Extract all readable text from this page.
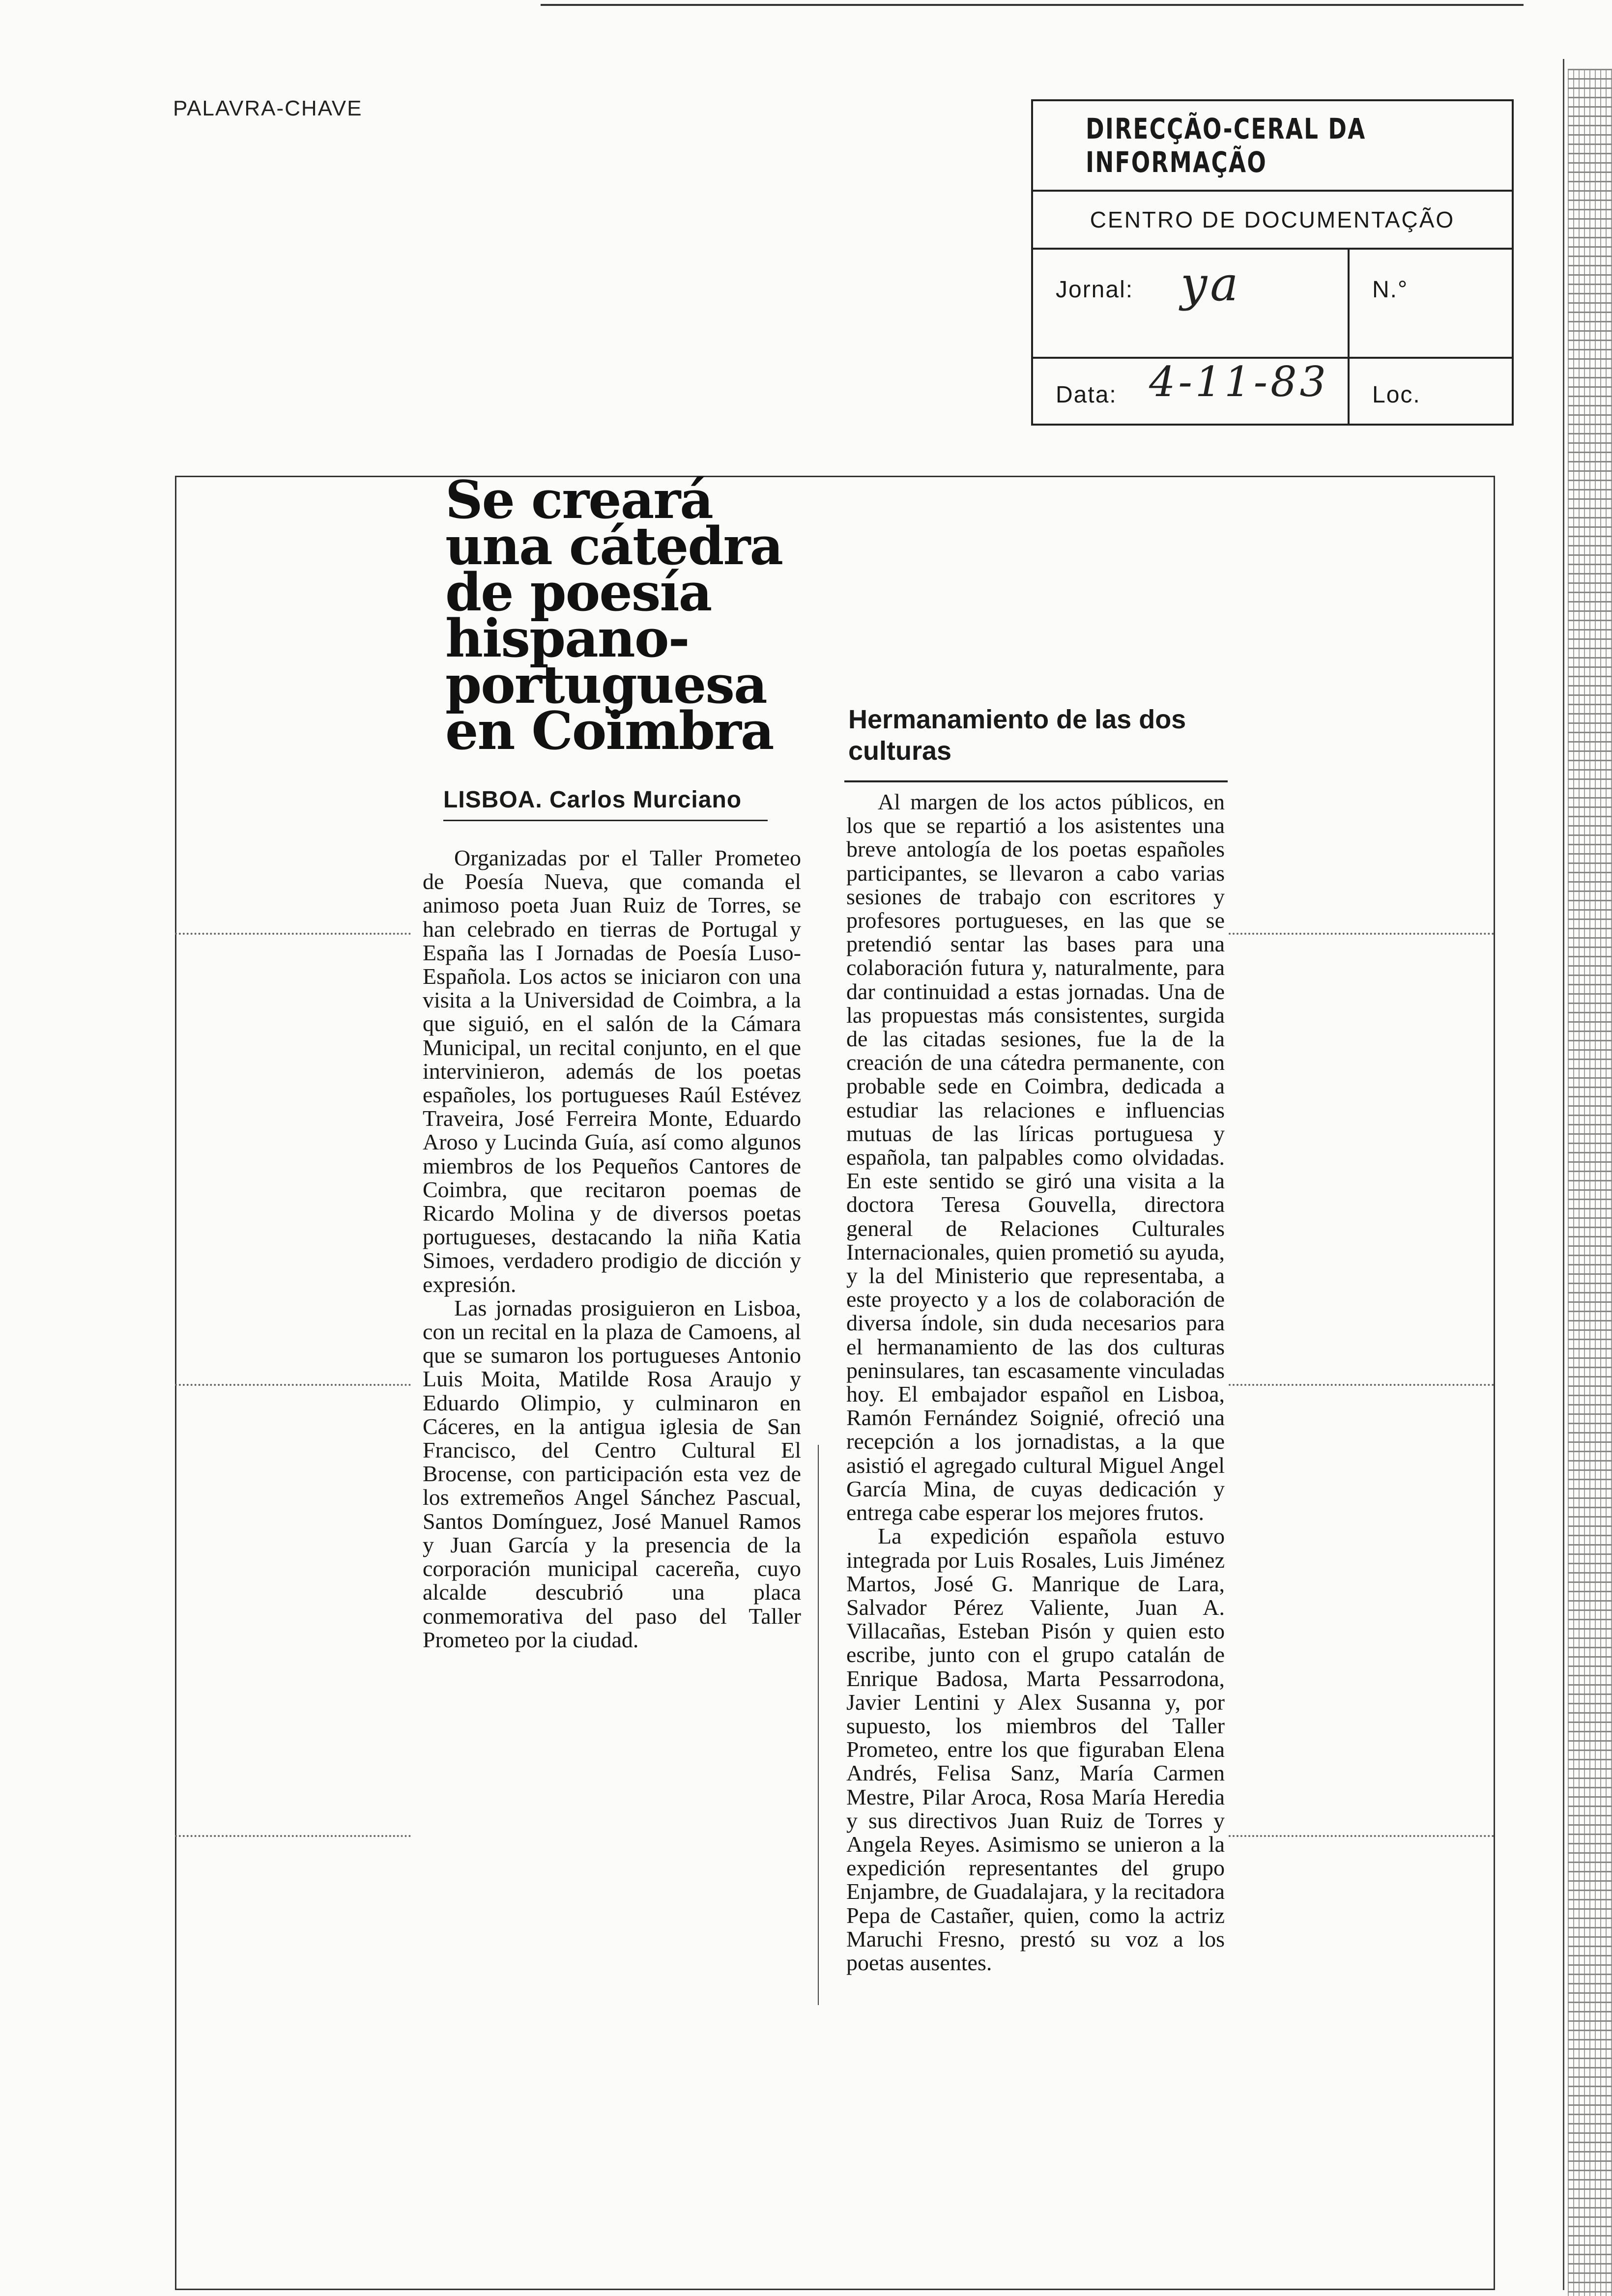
PALAVRA-CHAVE
DIRECÇÃO-CERAL DA INFORMAÇÃO
CENTRO DE DOCUMENTAÇÃO
Jornal: ya	N.°
Data: 4-11-83 Loc.
Se creará
una cátedra
de poesía
hispano-
portuguesa
en Coimbra
LISBOA. Carlos Murciano

Organizadas por el Taller Prometeo de Poesía Nueva, que comanda el animoso poeta Juan Ruiz de Torres, se han celebrado en tierras de Portugal y España las I Jornadas de Poesía Luso-Española. Los actos se iniciaron con una visita a la Universidad de Coimbra, a la que siguió, en el salón de la Cámara Municipal, un recital conjunto, en el que intervinieron, además de los poetas españoles, los portugueses Raúl Estévez Traveira, José Ferreira Monte, Eduardo Aroso y Lucinda Guía, así como algunos miembros de los Pequeños Cantores de Coimbra, que recitaron poemas de Ricardo Molina y de diversos poetas portugueses, destacando la niña Katia Simoes, verdadero prodigio de dicción y expresión.

Las jornadas prosiguieron en Lisboa, con un recital en la plaza de Camoens, al que se sumaron los portugueses Antonio Luis Moita, Matilde Rosa Araujo y Eduardo Olimpio, y culminaron en Cáceres, en la antigua iglesia de San Francisco, del Centro Cultural El Brocense, con participación esta vez de los extremeños Angel Sánchez Pascual, Santos Domínguez, José Manuel Ramos y Juan García y la presencia de la corporación municipal cacereña, cuyo alcalde descubrió una placa conmemorativa del paso del Taller Prometeo por la ciudad.

Hermanamiento de las dos culturas

Al margen de los actos públicos, en los que se repartió a los asistentes una breve antología de los poetas españoles participantes, se llevaron a cabo varias sesiones de trabajo con escritores y profesores portugueses, en las que se pretendió sentar las bases para una colaboración futura y, naturalmente, para dar continuidad a estas jornadas. Una de las propuestas más consistentes, surgida de las citadas sesiones, fue la de la creación de una cátedra permanente, con probable sede en Coimbra, dedicada a estudiar las relaciones e influencias mutuas de las líricas portuguesa y española, tan palpables como olvidadas. En este sentido se giró una visita a la doctora Teresa Gouvella, directora general de Relaciones Culturales Internacionales, quien prometió su ayuda, y la del Ministerio que representaba, a este proyecto y a los de colaboración de diversa índole, sin duda necesarios para el hermanamiento de las dos culturas peninsulares, tan escasamente vinculadas hoy. El embajador español en Lisboa, Ramón Fernández Soignié, ofreció una recepción a los jornadistas, a la que asistió el agregado cultural Miguel Angel García Mina, de cuyas dedicación y entrega cabe esperar los mejores frutos.

La expedición española estuvo integrada por Luis Rosales, Luis Jiménez Martos, José G. Manrique de Lara, Salvador Pérez Valiente, Juan A. Villacañas, Esteban Pisón y quien esto escribe, junto con el grupo catalán de Enrique Badosa, Marta Pessarrodona, Javier Lentini y Alex Susanna y, por supuesto, los miembros del Taller Prometeo, entre los que figuraban Elena Andrés, Felisa Sanz, María Carmen Mestre, Pilar Aroca, Rosa María Heredia y sus directivos Juan Ruiz de Torres y Angela Reyes. Asimismo se unieron a la expedición representantes del grupo Enjambre, de Guadalajara, y la recitadora Pepa de Castañer, quien, como la actriz Maruchi Fresno, prestó su voz a los poetas ausentes.
